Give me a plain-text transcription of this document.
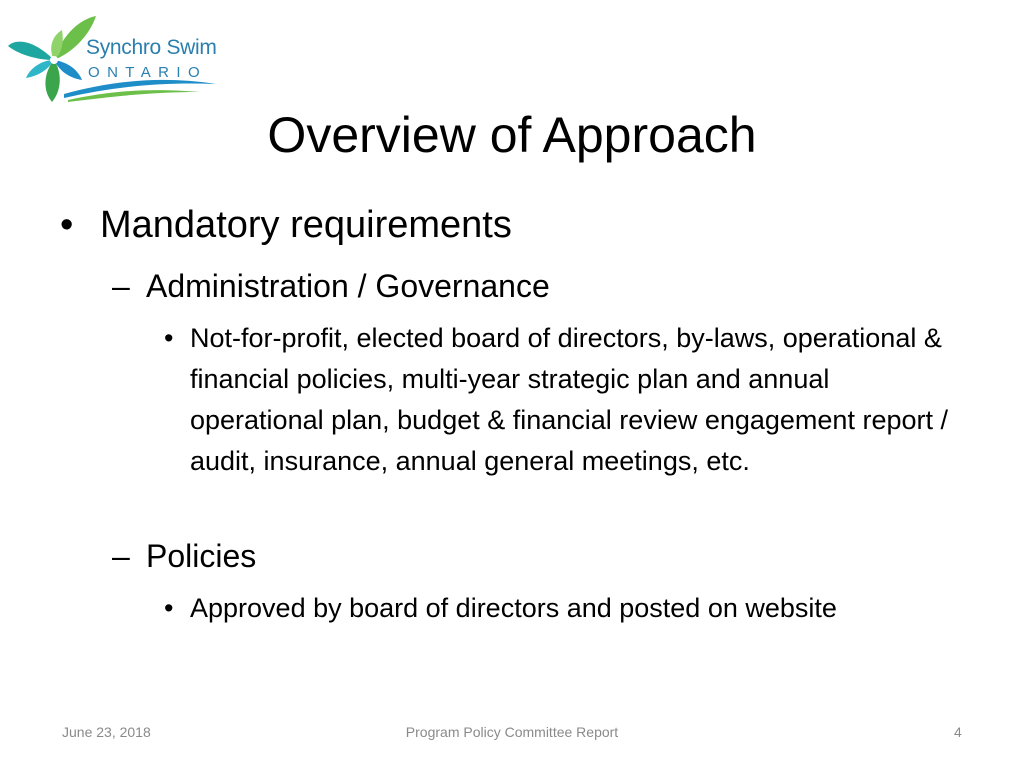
Synchro Swim
ONTARIO
Overview of Approach
• Mandatory requirements
– Administration / Governance
• Not-for-profit, elected board of directors, by-laws, operational & financial policies, multi-year strategic plan and annual operational plan, budget & financial review engagement report / audit, insurance, annual general meetings, etc.
– Policies
• Approved by board of directors and posted on website
June 23, 2018	Program Policy Committee Report	4
